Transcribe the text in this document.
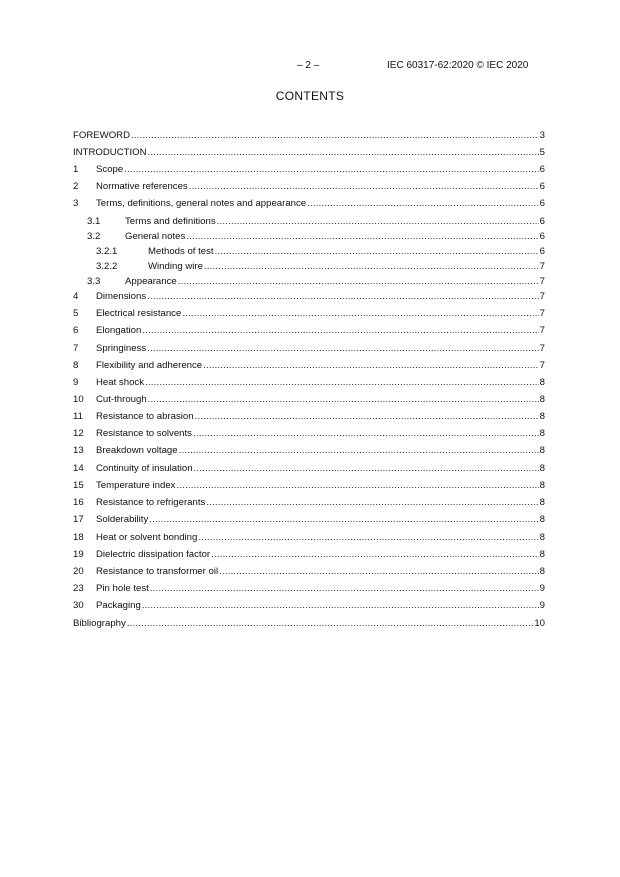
– 2 –	IEC 60317-62:2020 © IEC 2020
CONTENTS
FOREWORD .....	3
INTRODUCTION .....	5
1	Scope .....	6
2	Normative references .....	6
3	Terms, definitions, general notes and appearance .....	6
3.1	Terms and definitions .....	6
3.2	General notes .....	6
3.2.1	Methods of test .....	6
3.2.2	Winding wire .....	7
3.3	Appearance .....	7
4	Dimensions .....	7
5	Electrical resistance .....	7
6	Elongation .....	7
7	Springiness .....	7
8	Flexibility and adherence .....	7
9	Heat shock .....	8
10	Cut-through .....	8
11	Resistance to abrasion .....	8
12	Resistance to solvents .....	8
13	Breakdown voltage .....	8
14	Continuity of insulation .....	8
15	Temperature index .....	8
16	Resistance to refrigerants .....	8
17	Solderability .....	8
18	Heat or solvent bonding .....	8
19	Dielectric dissipation factor .....	8
20	Resistance to transformer oil .....	8
23	Pin hole test .....	9
30	Packaging .....	9
Bibliography .....	10
